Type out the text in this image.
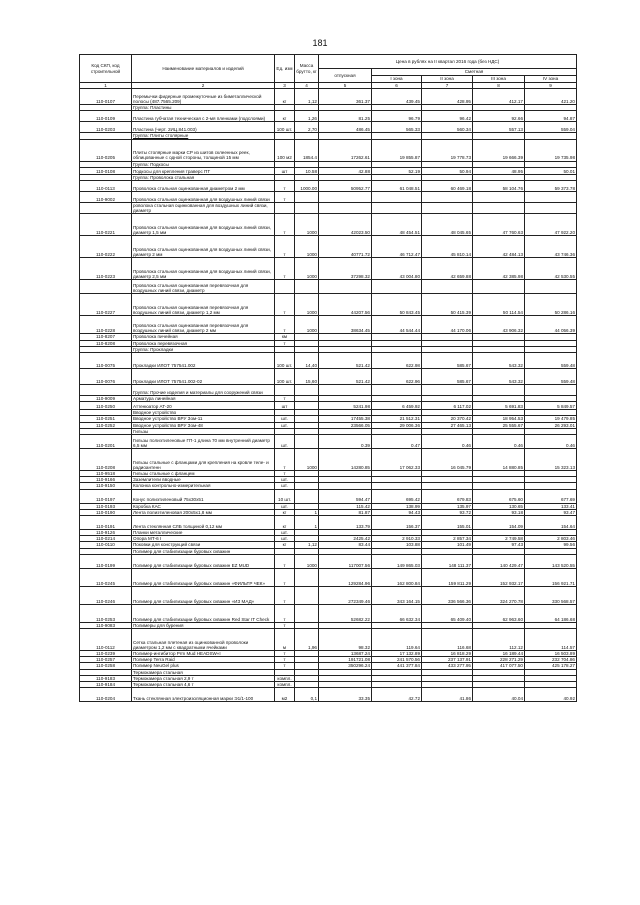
181
Код СКП, код строительной	Наименование материалов и изделий	Ед. изм	Масса брутто, кг	Цена в рублях на II квартал 2016 года (без НДС)				
				отпускная	Сметная			
					I зона	II зона	III зона	IV зона
1	2	3	4	5	6	7	8	9
110-0107	Перемычки фидерные промежуточные из биметаллической полосы (487.7565.209)	кг	1,12	361.37	439.45	428.95	412.17	421.20
	Группа: Пластины							
110-0109	Пластина губчатая техническая с 2-мя пленками (подслоями)	кг	1,26	81.25	96.79	96.42	92.66	94.87
110-0203	Пластина (черт. 2ИЦ.841.003)	100 шт.	2,70	486.45	565.33	560.34	557.13	559.04
	Группа: Плиты столярные							
110-0205	Плиты столярные марки СР из шитов склеенных реек, облицованные с одной стороны, толщиной 15 мм	100 м2	1854.4	17262.61	19 855.87	19 778.73	19 666.39	19 735.98
	Группа: Подкосы							
110-0108	Подкосы для крепления траверс ПТ	шт	10.58	42.88	52.19	50.94	48.95	50.01
	Группа: Проволока стальная							
110-0113	Проволока стальная оцинкованная диаметром 2 мм	т	1000.00	50952.77	61 048.51	60 469.18	58 104.76	59 373.78
110-9002	Проволока стальная оцинкованная для воздушных линий связи	т						
	роволока стальная оцинкованная для воздушных линий связи, диаметр							
110-0221	Проволока стальная оцинкованная для воздушных линий связи, диаметр 1,5 мм	т	1000	42023.50	48 454.51	48 045.65	47 760.63	47 922.20
110-0222	Проволока стальная оцинкованная для воздушных линий связи, диаметр 2 мм	т	1000	40771.72	46 712.47	45 810.14	42 484.13	43 746.36
110-0223	Проволока стальная оцинкованная для воздушных линий связи, диаметр 2,5 мм	т	1000	37298.32	43 004.80	42 659.88	42 385.98	42 530.55
	Проволока стальная оцинкованная перевязочная для воздушных линий связи, диаметр							
110-0227	Проволока стальная оцинкованная перевязочная для воздушных линий связи, диаметр 1,2 мм	т	1000	44207.56	50 843.45	50 415.39	50 114.54	50 286.16
110-0228	Проволока стальная оцинкованная перевязочная для воздушных линий связи, диаметр 2 мм	т	1000	38634.45	44 544.44	44 170.06	43 906.32	44 056.39
110-8207	Проволока пичейная	км						
110-8208	Проволока перевязочная	т						
	Группа: Прокладки							
110-0075	Прокладки ИЛОТ 757541.002	100 шт.	14,40	521.42	622.98	585.67	543.32	559.48
110-0076	Прокладки ИЛОТ 757541.002-02	100 шт.	15,60	521.42	622.96	585.67	543.32	559.48
	Группа: Прочие изделия и материалы для сооружений связи							
110-9009	Арматура линейная	т						
110-0250	Аттенюатор АТ-20	шт		5241.98	6 459.92	6 117.02	5 691.83	5 849.57
	Вводное устройство							
110-0251	Вводное устройство ВРУ Зом-11	шт.		17455.38	21 512.31	20 370.42	18 954.53	19 479.85
110-0252	Вводное устройство ВРУ Зом-48	шт.		23566.05	29 006.36	27 465.13	25 555.67	26 293.01
	Гильзы							
110-0201	Гильзы полиэтиленовые ГП-1 длина 70 мм внутренний диаметр 6,5 мм	шт.		0.39	0.47	0.46	0.46	0.46
110-0208	Гильзы стальные с фланцами для крепления на кровле теле- и радиоантенн	т	1000	14280.85	17 062.33	16 045.79	14 880.85	15 323.13
110-9518	Гильзы стальные с фланцем	т						
110-9166	Заземлители вводные	шт.						
110-9150	Колонка контрольно-измерительная	шт.						
110-0197	Конус полиэтиленовый 75х30х51	10 шт.		594.47	695.42	679.83	675.60	677.69
110-0193	Коробка КАС	шт.		115.42	138.99	135.97	130.65	133.41
110-0190	Лента полиэтиленовая 200х5х1,8 мм	кг	1	81.87	94.43	93.72	93.18	93.47
110-0191	Лента стеклянная СЛБ толщиной 0,12 мм	кг	1	133.79	156.37	155.01	154.09	154.64
110-9126	Планки металлические	шт.						
110-0214	Опора МТ-6 I	шт.		2425.42	2 910.33	2 857.34	2 749.58	2 803.46
110-0110	Поковки для конструкций связи	кг	1,12	83.44	103.88	101.49	97.43	99.56
	Полимер для стабилизации буровых скважин							
110-0199	Полимер для стабилизации буровых скважин EZ MUD	т	1000	117007.56	149 865.03	148 111.37	140 429.47	143 520.55
110-0245	Полимер для стабилизации буровых скважин «ФИЛЬТР ЧЕК»	т		129284.96	162 800.84	159 811.29	152 932.17	156 921.71
110-0246	Полимер для стабилизации буровых скважин «ИЗ МАД»	т		272349.46	343 164.15	336 566.36	324 270.78	330 568.57
110-0253	Полимер для стабилизации буровых скважин Red Star IT Check	т		52682.22	66 632.34	65 409.40	62 963.60	64 186.68
110-9083	Полимеры для бурения	т						
110-0112	Сетка стальная плетеная из оцинкованной проволоки диаметром 1,2 мм с квадратными ячейками	м	1,96	98.32	119.64	116.68	112.12	114.57
110-0239	Полимер-ингибитор Prm Mud HEADSW«I	т		13687.24	17 132.89	16 818.29	16 189.44	16 503.89
110-0257	Полимер Terra Raid	т		191721.08	241 570.56	237 137.91	228 271.29	232 704.86
110-0258	Полимер NeuGel plus	т		350296.24	441 377.84	433 277.95	417 077.50	425 178.27
	Термокамера стальная							
110-9183	Термокамера стальная 2,9 т	компл.						
110-9184	Термокамера стальная 4,6 т	компл.						
110-0204	Ткань стеклянная электроизоляционная марки Э1/1-100	м2	0,1	33.35	42.72	41.86	40.04	40.92
